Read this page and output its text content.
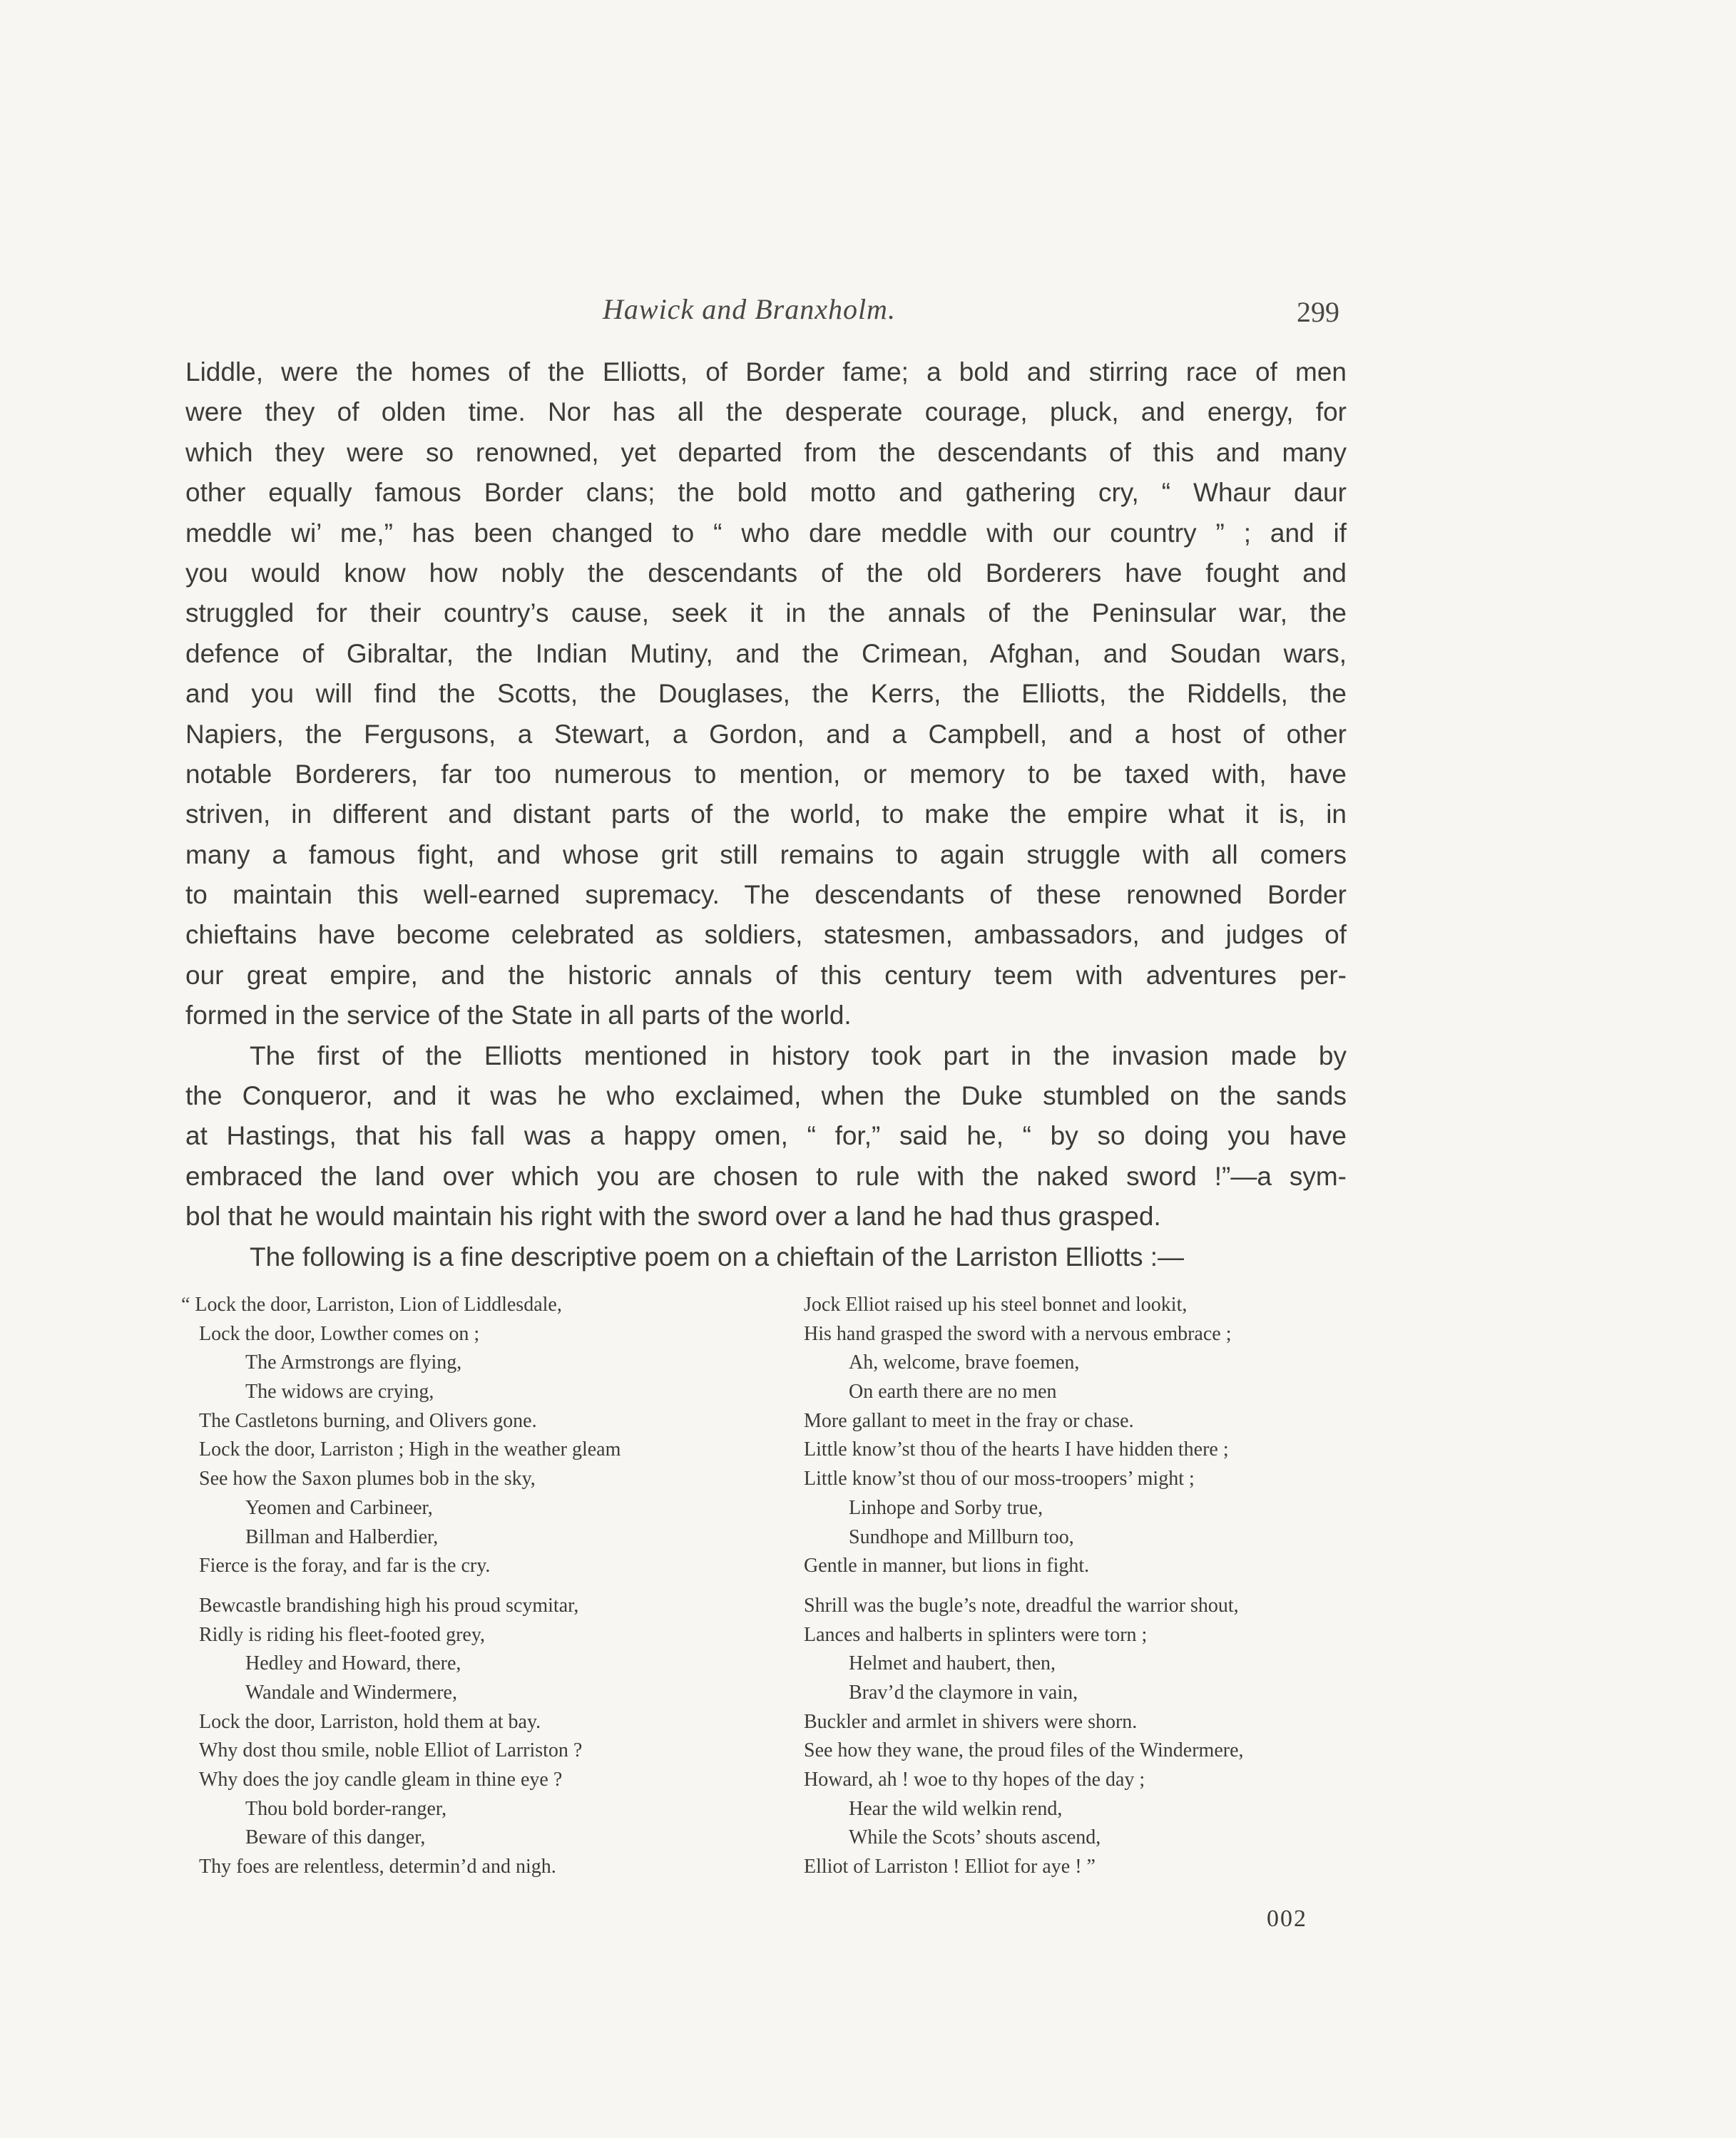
Hawick and Branxholm.	299
Liddle, were the homes of the Elliotts, of Border fame; a bold and stirring race of men
were they of olden time. Nor has all the desperate courage, pluck, and energy, for
which they were so renowned, yet departed from the descendants of this and many
other equally famous Border clans; the bold motto and gathering cry, “ Whaur daur
meddle wi’ me,” has been changed to “ who dare meddle with our country ” ; and if
you would know how nobly the descendants of the old Borderers have fought and
struggled for their country’s cause, seek it in the annals of the Peninsular war, the
defence of Gibraltar, the Indian Mutiny, and the Crimean, Afghan, and Soudan wars,
and you will find the Scotts, the Douglases, the Kerrs, the Elliotts, the Riddells, the
Napiers, the Fergusons, a Stewart, a Gordon, and a Campbell, and a host of other
notable Borderers, far too numerous to mention, or memory to be taxed with, have
striven, in different and distant parts of the world, to make the empire what it is, in
many a famous fight, and whose grit still remains to again struggle with all comers
to maintain this well-earned supremacy. The descendants of these renowned Border
chieftains have become celebrated as soldiers, statesmen, ambassadors, and judges of
our great empire, and the historic annals of this century teem with adventures per-
formed in the service of the State in all parts of the world.
The first of the Elliotts mentioned in history took part in the invasion made by
the Conqueror, and it was he who exclaimed, when the Duke stumbled on the sands
at Hastings, that his fall was a happy omen, “ for,” said he, “ by so doing you have
embraced the land over which you are chosen to rule with the naked sword !”—a sym-
bol that he would maintain his right with the sword over a land he had thus grasped.
The following is a fine descriptive poem on a chieftain of the Larriston Elliotts :—
“ Lock the door, Larriston, Lion of Liddlesdale,
Lock the door, Lowther comes on ;
The Armstrongs are flying,
The widows are crying,
The Castletons burning, and Olivers gone.
Lock the door, Larriston ; High in the weather gleam
See how the Saxon plumes bob in the sky,
Yeomen and Carbineer,
Billman and Halberdier,
Fierce is the foray, and far is the cry.
Bewcastle brandishing high his proud scymitar,
Ridly is riding his fleet-footed grey,
Hedley and Howard, there,
Wandale and Windermere,
Lock the door, Larriston, hold them at bay.
Why dost thou smile, noble Elliot of Larriston ?
Why does the joy candle gleam in thine eye ?
Thou bold border-ranger,
Beware of this danger,
Thy foes are relentless, determin’d and nigh.
Jock Elliot raised up his steel bonnet and lookit,
His hand grasped the sword with a nervous embrace ;
Ah, welcome, brave foemen,
On earth there are no men
More gallant to meet in the fray or chase.
Little know’st thou of the hearts I have hidden there ;
Little know’st thou of our moss-troopers’ might ;
Linhope and Sorby true,
Sundhope and Millburn too,
Gentle in manner, but lions in fight.
Shrill was the bugle’s note, dreadful the warrior shout,
Lances and halberts in splinters were torn ;
Helmet and haubert, then,
Brav’d the claymore in vain,
Buckler and armlet in shivers were shorn.
See how they wane, the proud files of the Windermere,
Howard, ah ! woe to thy hopes of the day ;
Hear the wild welkin rend,
While the Scots’ shouts ascend,
Elliot of Larriston ! Elliot for aye ! ”
002
